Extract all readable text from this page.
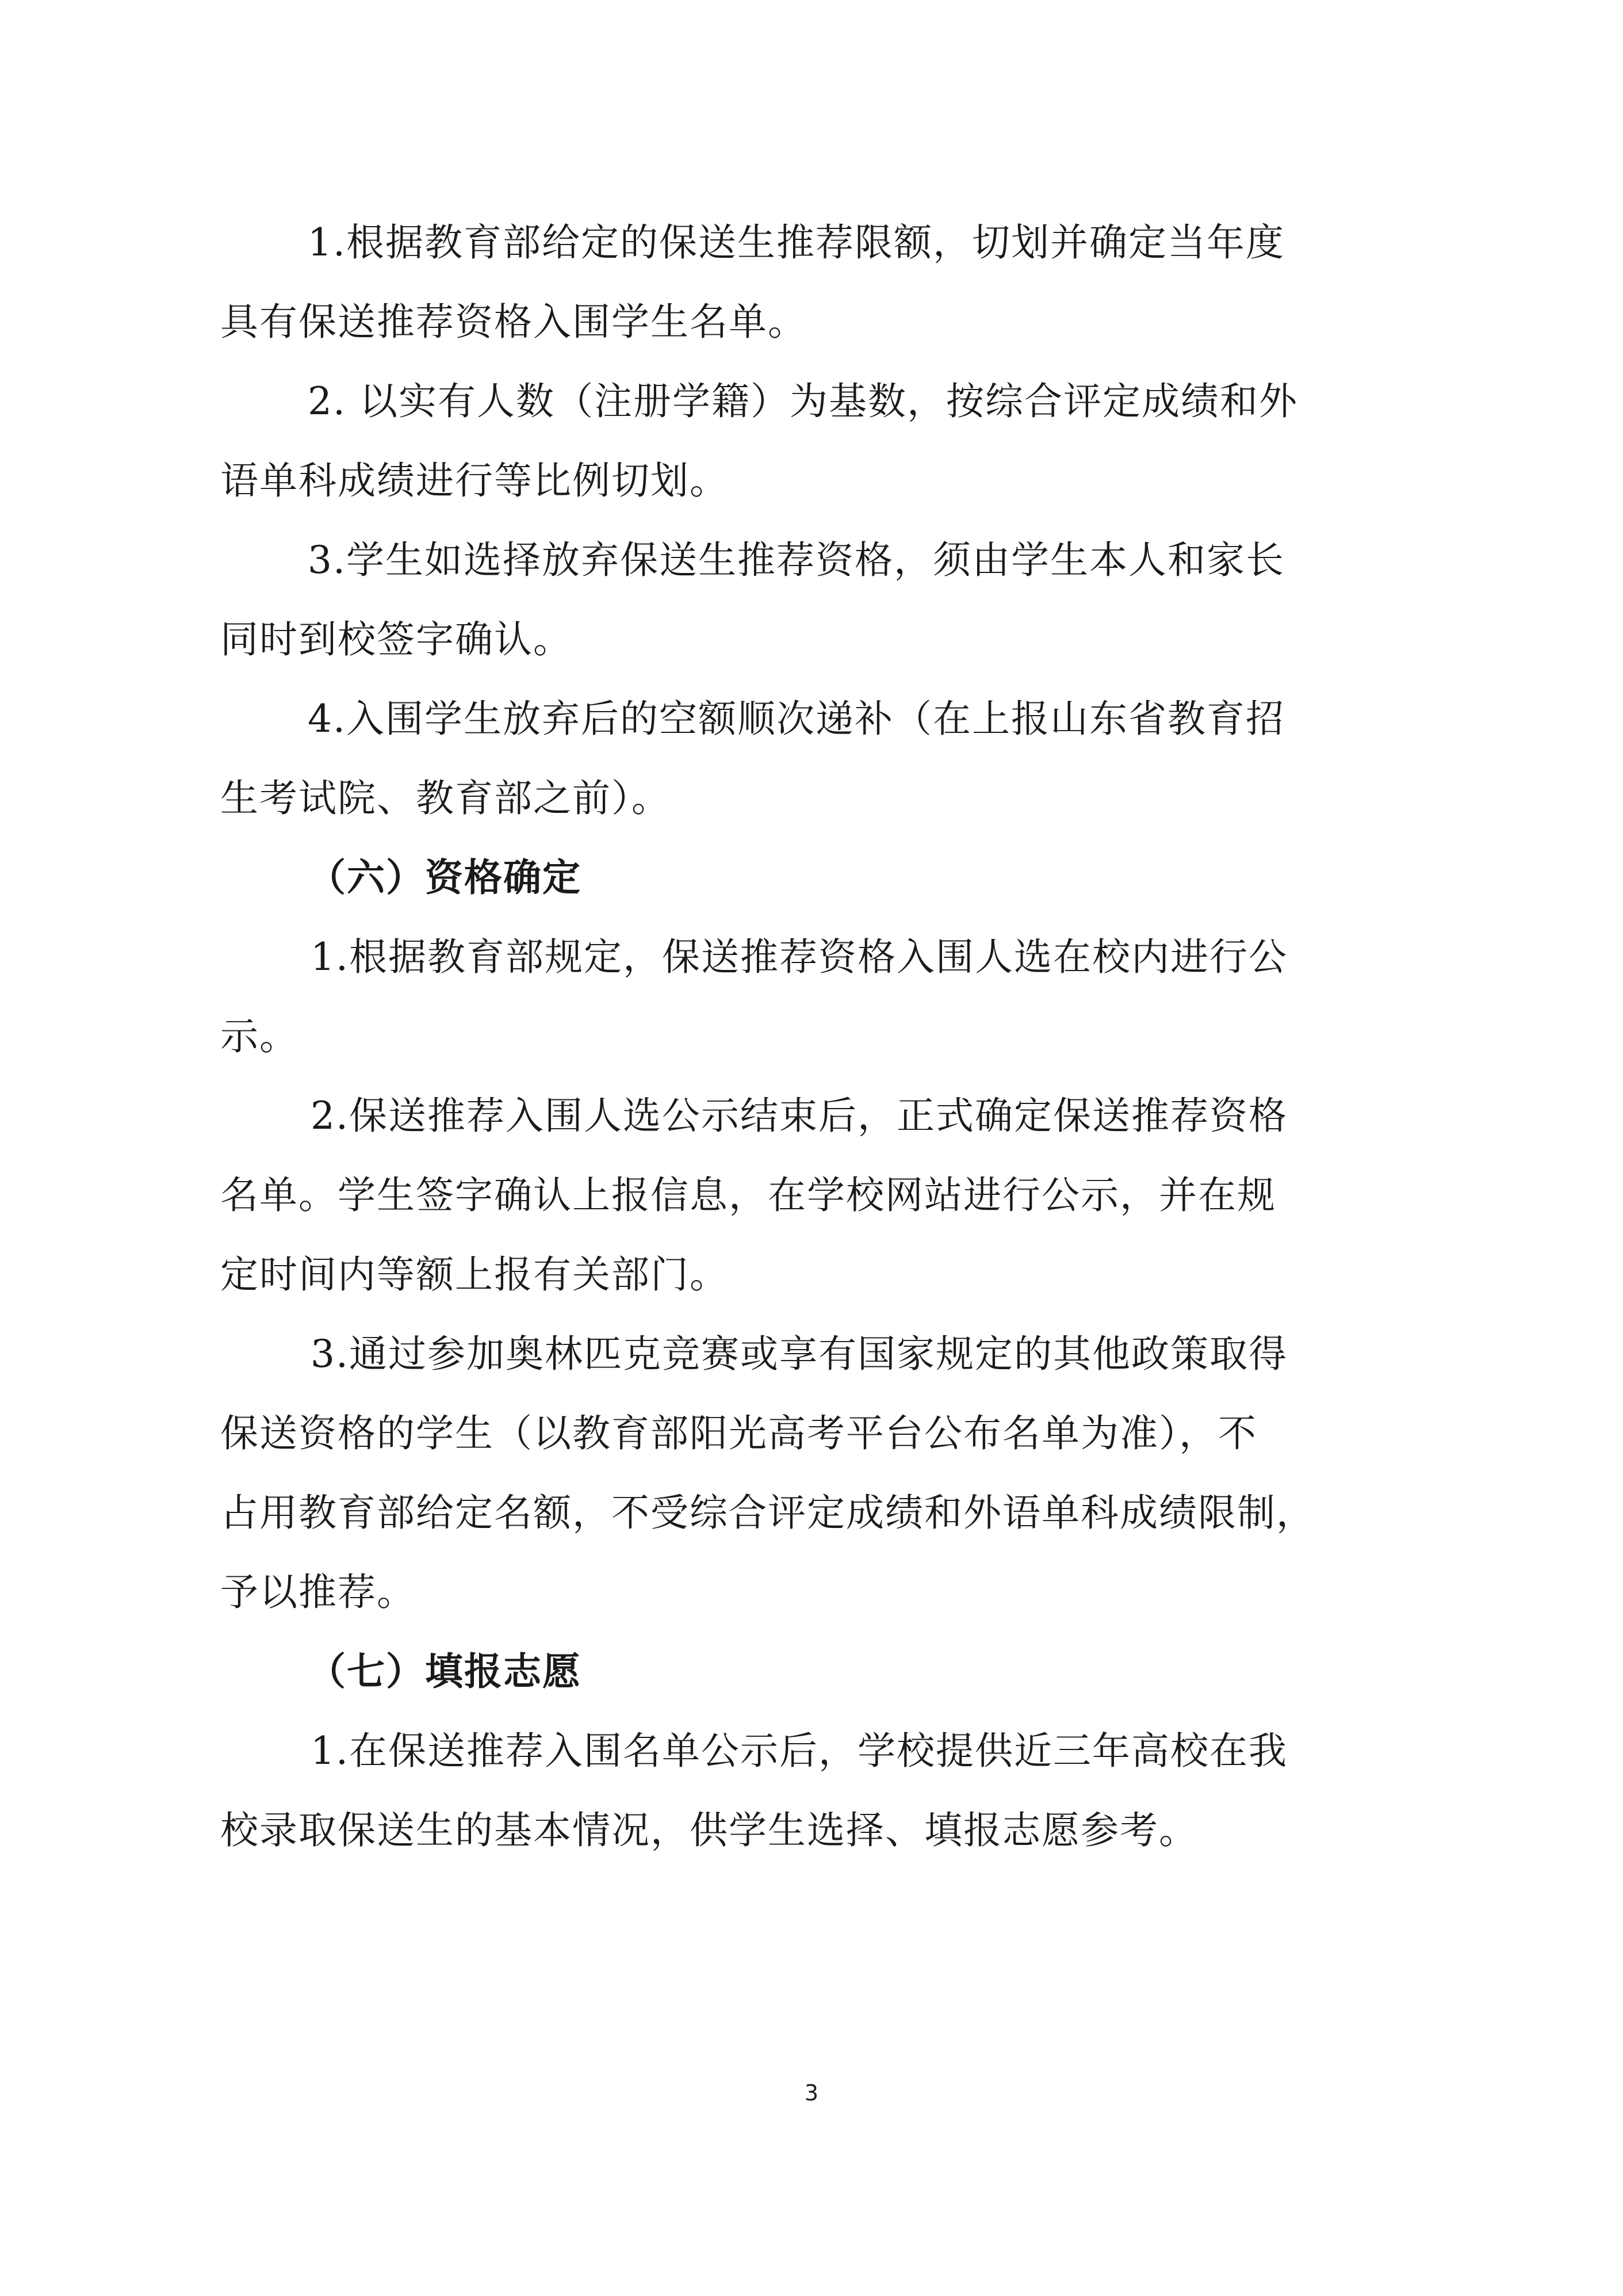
1.根据教育部给定的保送生推荐限额，切划并确定当年度
具有保送推荐资格入围学生名单。
2. 以实有人数（注册学籍）为基数，按综合评定成绩和外
语单科成绩进行等比例切划。
3.学生如选择放弃保送生推荐资格，须由学生本人和家长
同时到校签字确认。
4.入围学生放弃后的空额顺次递补（在上报山东省教育招
生考试院、教育部之前）。
（六）资格确定
1.根据教育部规定，保送推荐资格入围人选在校内进行公
示。
2.保送推荐入围人选公示结束后，正式确定保送推荐资格
名单。学生签字确认上报信息，在学校网站进行公示，并在规
定时间内等额上报有关部门。
3.通过参加奥林匹克竞赛或享有国家规定的其他政策取得
保送资格的学生（以教育部阳光高考平台公布名单为准），不
占用教育部给定名额，不受综合评定成绩和外语单科成绩限制，
予以推荐。
（七）填报志愿
1.在保送推荐入围名单公示后，学校提供近三年高校在我
校录取保送生的基本情况，供学生选择、填报志愿参考。
3
